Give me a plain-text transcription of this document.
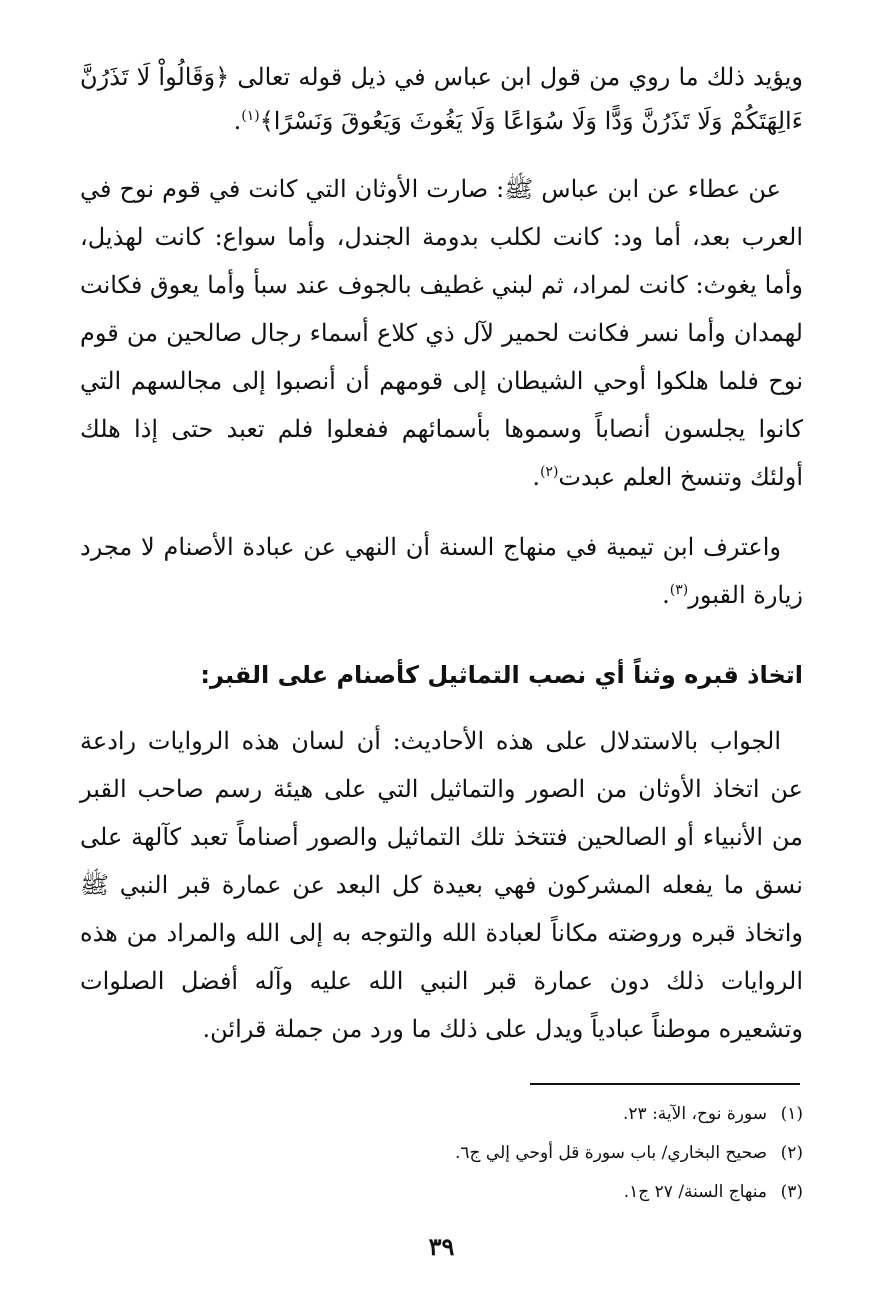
ويؤيد ذلك ما روي من قول ابن عباس في ذيل قوله تعالى ﴿وَقَالُواْ لَا تَذَرُنَّ ءَالِهَتَكُمْ وَلَا تَذَرُنَّ وَدًّا وَلَا سُوَاعًا وَلَا يَغُوثَ وَيَعُوقَ وَنَسْرًا﴾$^{(١)}$.

عن عطاء عن ابن عباس ﷺ: صارت الأوثان التي كانت في قوم نوح في العرب بعد، أما ود: كانت لكلب بدومة الجندل، وأما سواع: كانت لهذيل، وأما يغوث: كانت لمراد، ثم لبني غطيف بالجوف عند سبأ وأما يعوق فكانت لهمدان وأما نسر فكانت لحمير لآل ذي كلاع أسماء رجال صالحين من قوم نوح فلما هلكوا أوحي الشيطان إلى قومهم أن أنصبوا إلى مجالسهم التي كانوا يجلسون أنصاباً وسموها بأسمائهم ففعلوا فلم تعبد حتى إذا هلك أولئك وتنسخ العلم عبدت$^{(٢)}$.

واعترف ابن تيمية في منهاج السنة أن النهي عن عبادة الأصنام لا مجرد زيارة القبور$^{(٣)}$.

اتخاذ قبره وثناً أي نصب التماثيل كأصنام على القبر:

الجواب بالاستدلال على هذه الأحاديث: أن لسان هذه الروايات رادعة عن اتخاذ الأوثان من الصور والتماثيل التي على هيئة رسم صاحب القبر من الأنبياء أو الصالحين فتتخذ تلك التماثيل والصور أصناماً تعبد كآلهة على نسق ما يفعله المشركون فهي بعيدة كل البعد عن عمارة قبر النبي ﷺ واتخاذ قبره وروضته مكاناً لعبادة الله والتوجه به إلى الله والمراد من هذه الروايات ذلك دون عمارة قبر النبي الله عليه وآله أفضل الصلوات وتشعيره موطناً عبادياً ويدل على ذلك ما ورد من جملة قرائن.

(١)سورة نوح، الآية: ٢٣.
(٢)صحيح البخاري/ باب سورة قل أوحي إلي ج٦.
(٣)منهاج السنة/ ٢٧ ج١.
٣٩
